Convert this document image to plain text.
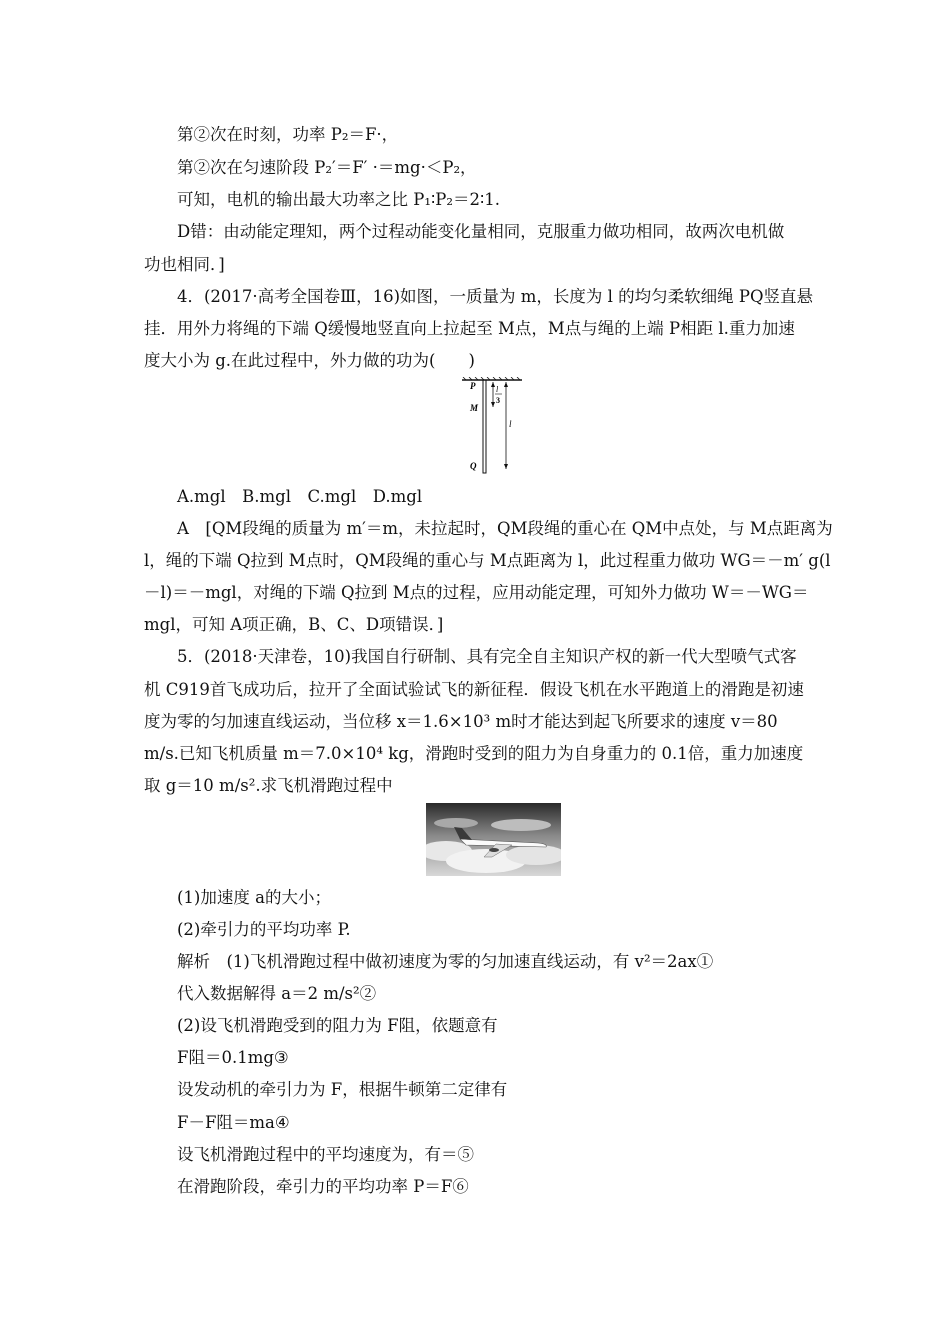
第②次在时刻，功率 P₂＝F·，
第②次在匀速阶段 P₂′＝F′ ·＝mg·＜P₂，
可知，电机的输出最大功率之比 P₁∶P₂＝2∶1.
D错：由动能定理知，两个过程动能变化量相同，克服重力做功相同，故两次电机做
功也相同．]
4．(2017·高考全国卷Ⅲ，16)如图，一质量为 m，长度为 l 的均匀柔软细绳 PQ竖直悬
挂．用外力将绳的下端 Q缓慢地竖直向上拉起至 M点，M点与绳的上端 P相距 l.重力加速
度大小为 g.在此过程中，外力做的功为(　　)
P
M
Q
l
3
l
A.mgl　B.mgl　C.mgl　D.mgl
A　[QM段绳的质量为 m′＝m，未拉起时，QM段绳的重心在 QM中点处，与 M点距离为
l，绳的下端 Q拉到 M点时，QM段绳的重心与 M点距离为 l，此过程重力做功 WG＝－m′ g(l
－l)＝－mgl，对绳的下端 Q拉到 M点的过程，应用动能定理，可知外力做功 W＝－WG＝
mgl，可知 A项正确，B、C、D项错误．]
5．(2018·天津卷，10)我国自行研制、具有完全自主知识产权的新一代大型喷气式客
机 C919首飞成功后，拉开了全面试验试飞的新征程．假设飞机在水平跑道上的滑跑是初速
度为零的匀加速直线运动，当位移 x＝1.6×10³ m时才能达到起飞所要求的速度 v＝80
m/s.已知飞机质量 m＝7.0×10⁴ kg，滑跑时受到的阻力为自身重力的 0.1倍，重力加速度
取 g＝10 m/s².求飞机滑跑过程中
(1)加速度 a的大小；
(2)牵引力的平均功率 P.
解析　(1)飞机滑跑过程中做初速度为零的匀加速直线运动，有 v²＝2ax①
代入数据解得 a＝2 m/s²②
(2)设飞机滑跑受到的阻力为 F阻，依题意有
F阻＝0.1mg③
设发动机的牵引力为 F，根据牛顿第二定律有
F－F阻＝ma④
设飞机滑跑过程中的平均速度为，有＝⑤
在滑跑阶段，牵引力的平均功率 P＝F⑥
